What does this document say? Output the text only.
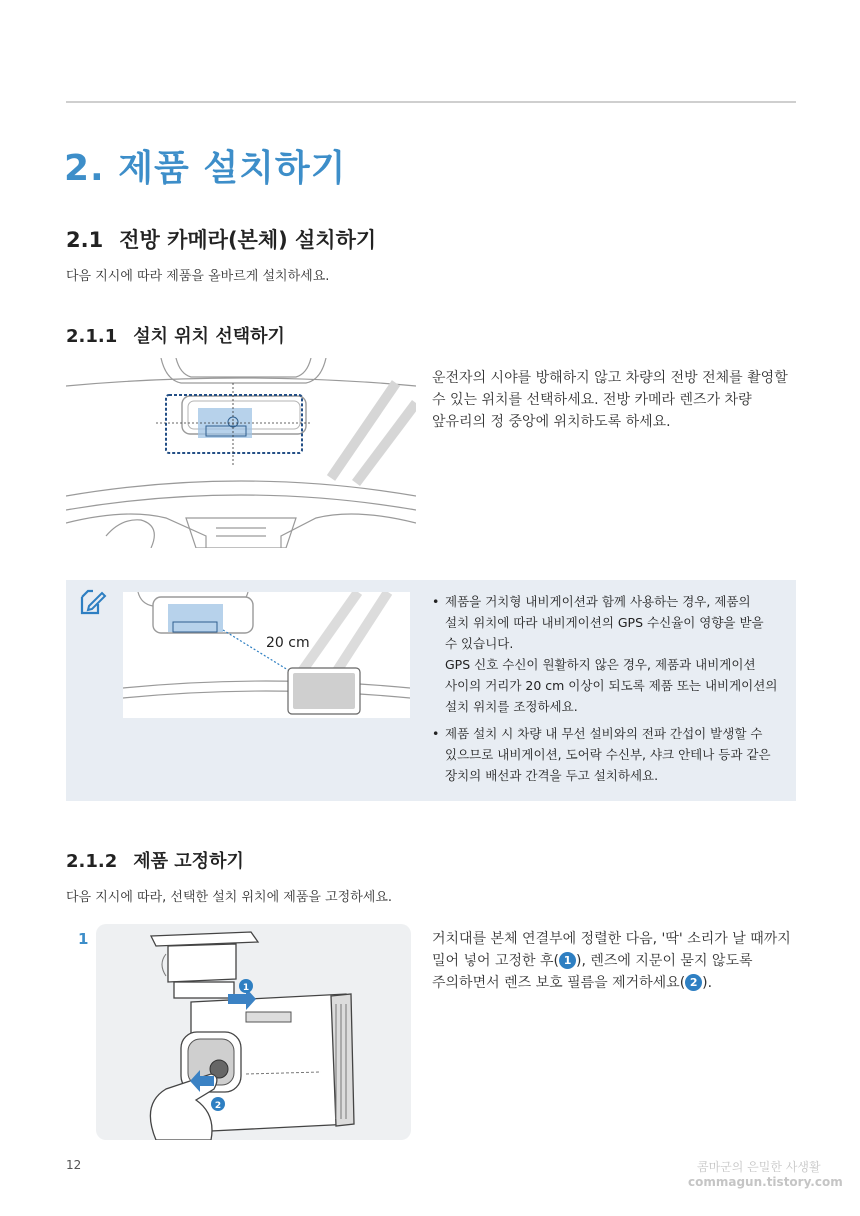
2. 제품 설치하기
2.1 전방 카메라(본체) 설치하기

다음 지시에 따라 제품을 올바르게 설치하세요.

2.1.1 설치 위치 선택하기
운전자의 시야를 방해하지 않고 차량의 전방 전체를 촬영할
수 있는 위치를 선택하세요. 전방 카메라 렌즈가 차량
앞유리의 정 중앙에 위치하도록 하세요.
20 cm
• 제품을 거치형 내비게이션과 함께 사용하는 경우, 제품의
설치 위치에 따라 내비게이션의 GPS 수신율이 영향을 받을
수 있습니다.
GPS 신호 수신이 원활하지 않은 경우, 제품과 내비게이션
사이의 거리가 20 cm 이상이 되도록 제품 또는 내비게이션의
설치 위치를 조정하세요.
• 제품 설치 시 차량 내 무선 설비와의 전파 간섭이 발생할 수
있으므로 내비게이션, 도어락 수신부, 샤크 안테나 등과 같은
장치의 배선과 간격을 두고 설치하세요.
2.1.2 제품 고정하기

다음 지시에 따라, 선택한 설치 위치에 제품을 고정하세요.

1
1
2
거치대를 본체 연결부에 정렬한 다음, '딱' 소리가 날 때까지
밀어 넣어 고정한 후( 1 ), 렌즈에 지문이 묻지 않도록
주의하면서 렌즈 보호 필름을 제거하세요( 2 ).
12	콤마군의 은밀한 사생활
commagun.tistory.com
